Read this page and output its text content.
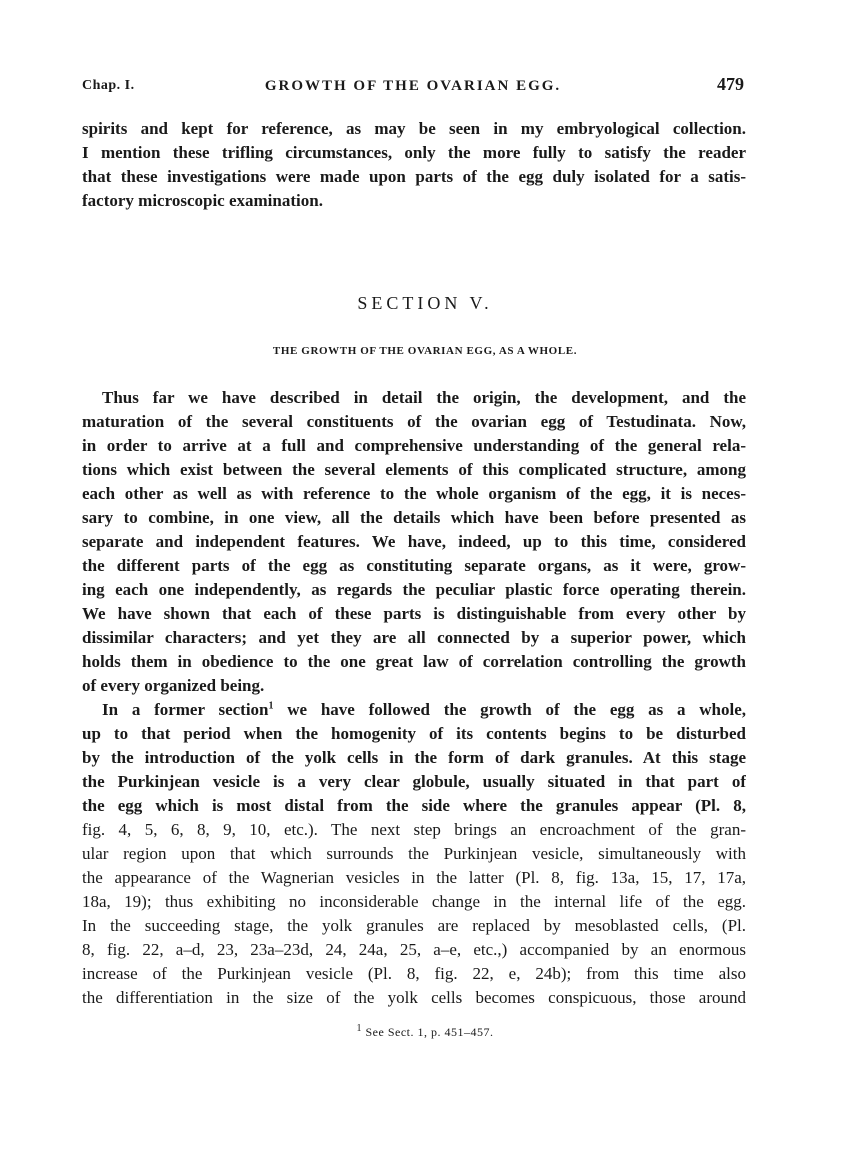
Chap. I.	GROWTH OF THE OVARIAN EGG.	479
spirits and kept for reference, as may be seen in my embryological collection.
I mention these trifling circumstances, only the more fully to satisfy the reader
that these investigations were made upon parts of the egg duly isolated for a satis-
factory microscopic examination.
SECTION V.
THE GROWTH OF THE OVARIAN EGG, AS A WHOLE.
Thus far we have described in detail the origin, the development, and the
maturation of the several constituents of the ovarian egg of Testudinata. Now,
in order to arrive at a full and comprehensive understanding of the general rela-
tions which exist between the several elements of this complicated structure, among
each other as well as with reference to the whole organism of the egg, it is neces-
sary to combine, in one view, all the details which have been before presented as
separate and independent features. We have, indeed, up to this time, considered
the different parts of the egg as constituting separate organs, as it were, grow-
ing each one independently, as regards the peculiar plastic force operating therein.
We have shown that each of these parts is distinguishable from every other by
dissimilar characters; and yet they are all connected by a superior power, which
holds them in obedience to the one great law of correlation controlling the growth
of every organized being.
In a former section$^1$ we have followed the growth of the egg as a whole,
up to that period when the homogenity of its contents begins to be disturbed
by the introduction of the yolk cells in the form of dark granules. At this stage
the Purkinjean vesicle is a very clear globule, usually situated in that part of
the egg which is most distal from the side where the granules appear (Pl. 8,
fig. 4, 5, 6, 8, 9, 10, etc.). The next step brings an encroachment of the gran-
ular region upon that which surrounds the Purkinjean vesicle, simultaneously with
the appearance of the Wagnerian vesicles in the latter (Pl. 8, fig. 13a, 15, 17, 17a,
18a, 19); thus exhibiting no inconsiderable change in the internal life of the egg.
In the succeeding stage, the yolk granules are replaced by mesoblasted cells, (Pl.
8, fig. 22, a–d, 23, 23a–23d, 24, 24a, 25, a–e, etc.,) accompanied by an enormous
increase of the Purkinjean vesicle (Pl. 8, fig. 22, e, 24b); from this time also
the differentiation in the size of the yolk cells becomes conspicuous, those around
$^1$ See Sect. 1, p. 451–457.
